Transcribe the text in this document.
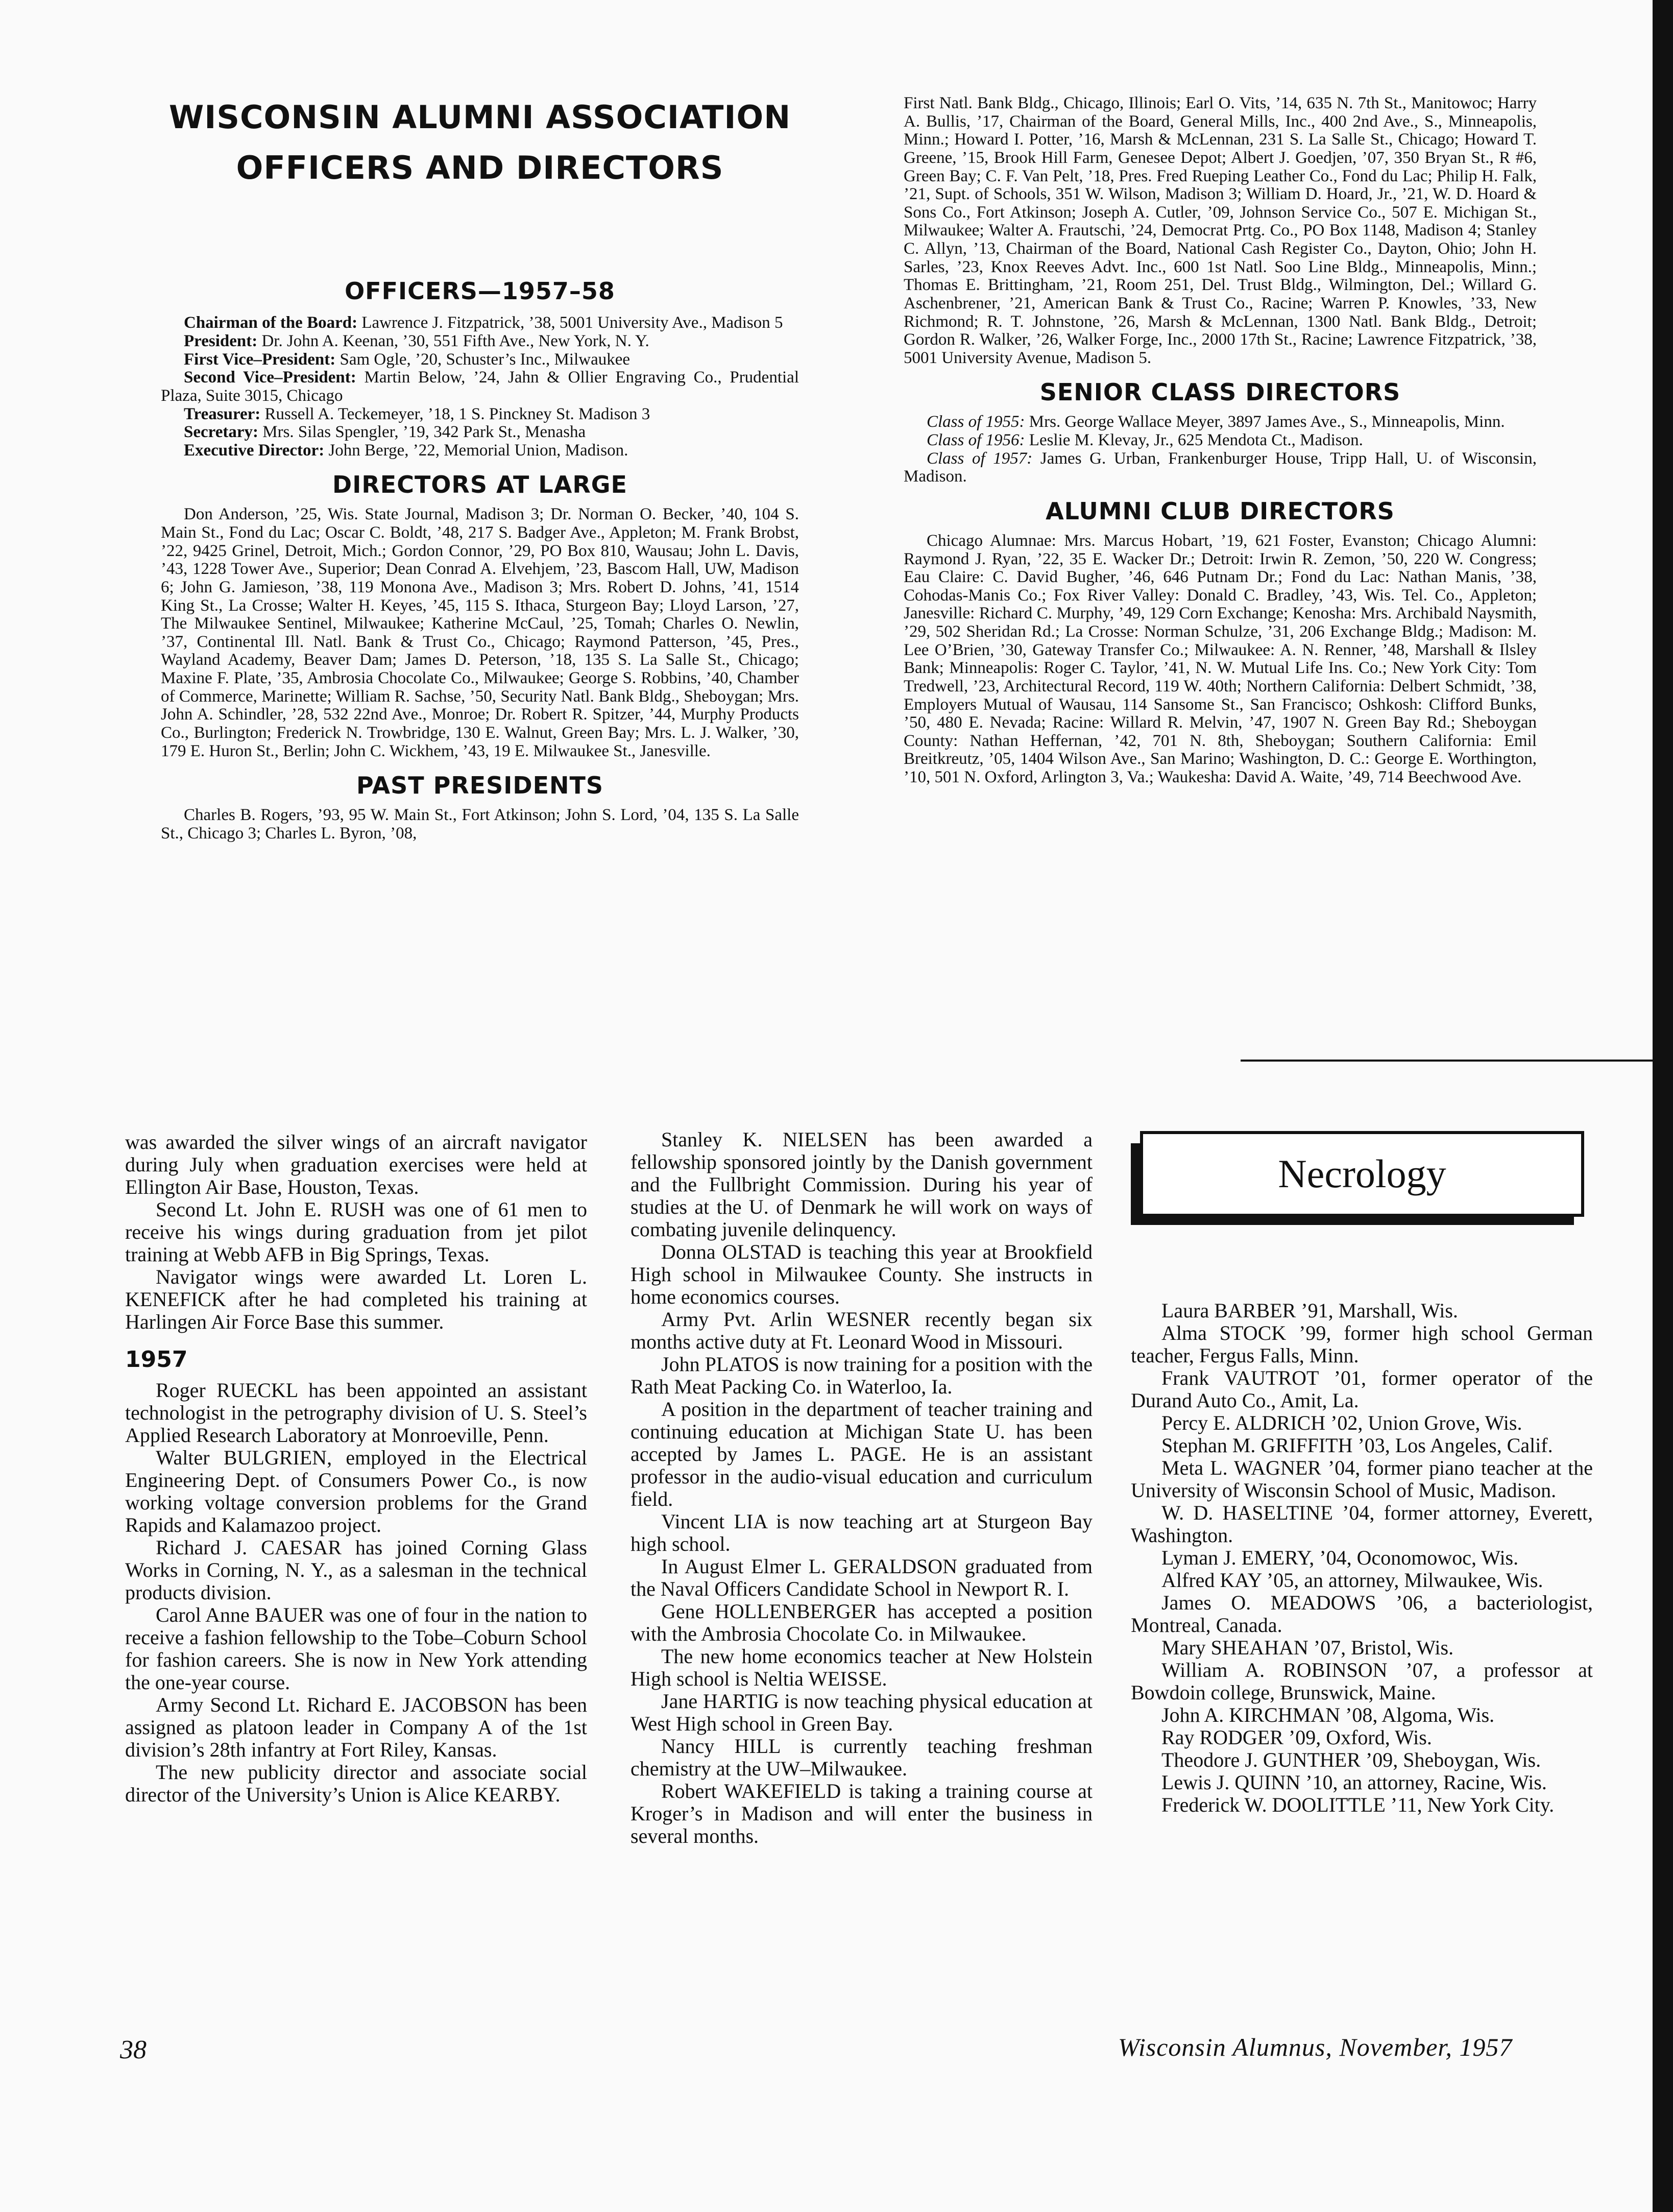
WISCONSIN ALUMNI ASSOCIATION
OFFICERS AND DIRECTORS
OFFICERS—1957–58

Chairman of the Board: Lawrence J. Fitzpatrick, ’38, 5001 University Ave., Madison 5

President: Dr. John A. Keenan, ’30, 551 Fifth Ave., New York, N. Y.

First Vice–President: Sam Ogle, ’20, Schuster’s Inc., Milwaukee

Second Vice–President: Martin Below, ’24, Jahn & Ollier Engraving Co., Prudential Plaza, Suite 3015, Chicago

Treasurer: Russell A. Teckemeyer, ’18, 1 S. Pinckney St. Madison 3

Secretary: Mrs. Silas Spengler, ’19, 342 Park St., Menasha

Executive Director: John Berge, ’22, Memorial Union, Madison.

DIRECTORS AT LARGE

Don Anderson, ’25, Wis. State Journal, Madison 3; Dr. Norman O. Becker, ’40, 104 S. Main St., Fond du Lac; Oscar C. Boldt, ’48, 217 S. Badger Ave., Appleton; M. Frank Brobst, ’22, 9425 Grinel, Detroit, Mich.; Gordon Connor, ’29, PO Box 810, Wausau; John L. Davis, ’43, 1228 Tower Ave., Superior; Dean Conrad A. Elvehjem, ’23, Bascom Hall, UW, Madison 6; John G. Jamieson, ’38, 119 Monona Ave., Madison 3; Mrs. Robert D. Johns, ’41, 1514 King St., La Crosse; Walter H. Keyes, ’45, 115 S. Ithaca, Sturgeon Bay; Lloyd Larson, ’27, The Milwaukee Sentinel, Milwaukee; Katherine McCaul, ’25, Tomah; Charles O. Newlin, ’37, Continental Ill. Natl. Bank & Trust Co., Chicago; Raymond Patterson, ’45, Pres., Wayland Academy, Beaver Dam; James D. Peterson, ’18, 135 S. La Salle St., Chicago; Maxine F. Plate, ’35, Ambrosia Chocolate Co., Milwaukee; George S. Robbins, ’40, Chamber of Commerce, Marinette; William R. Sachse, ’50, Security Natl. Bank Bldg., Sheboygan; Mrs. John A. Schindler, ’28, 532 22nd Ave., Monroe; Dr. Robert R. Spitzer, ’44, Murphy Products Co., Burlington; Frederick N. Trowbridge, 130 E. Walnut, Green Bay; Mrs. L. J. Walker, ’30, 179 E. Huron St., Berlin; John C. Wickhem, ’43, 19 E. Milwaukee St., Janesville.

PAST PRESIDENTS

Charles B. Rogers, ’93, 95 W. Main St., Fort Atkinson; John S. Lord, ’04, 135 S. La Salle St., Chicago 3; Charles L. Byron, ’08,

First Natl. Bank Bldg., Chicago, Illinois; Earl O. Vits, ’14, 635 N. 7th St., Manitowoc; Harry A. Bullis, ’17, Chairman of the Board, General Mills, Inc., 400 2nd Ave., S., Minneapolis, Minn.; Howard I. Potter, ’16, Marsh & McLennan, 231 S. La Salle St., Chicago; Howard T. Greene, ’15, Brook Hill Farm, Genesee Depot; Albert J. Goedjen, ’07, 350 Bryan St., R #6, Green Bay; C. F. Van Pelt, ’18, Pres. Fred Rueping Leather Co., Fond du Lac; Philip H. Falk, ’21, Supt. of Schools, 351 W. Wilson, Madison 3; William D. Hoard, Jr., ’21, W. D. Hoard & Sons Co., Fort Atkinson; Joseph A. Cutler, ’09, Johnson Service Co., 507 E. Michigan St., Milwaukee; Walter A. Frautschi, ’24, Democrat Prtg. Co., PO Box 1148, Madison 4; Stanley C. Allyn, ’13, Chairman of the Board, National Cash Register Co., Dayton, Ohio; John H. Sarles, ’23, Knox Reeves Advt. Inc., 600 1st Natl. Soo Line Bldg., Minneapolis, Minn.; Thomas E. Brittingham, ’21, Room 251, Del. Trust Bldg., Wilmington, Del.; Willard G. Aschenbrener, ’21, American Bank & Trust Co., Racine; Warren P. Knowles, ’33, New Richmond; R. T. Johnstone, ’26, Marsh & McLennan, 1300 Natl. Bank Bldg., Detroit; Gordon R. Walker, ’26, Walker Forge, Inc., 2000 17th St., Racine; Lawrence Fitzpatrick, ’38, 5001 University Avenue, Madison 5.

SENIOR CLASS DIRECTORS

Class of 1955: Mrs. George Wallace Meyer, 3897 James Ave., S., Minneapolis, Minn.

Class of 1956: Leslie M. Klevay, Jr., 625 Mendota Ct., Madison.

Class of 1957: James G. Urban, Frankenburger House, Tripp Hall, U. of Wisconsin, Madison.

ALUMNI CLUB DIRECTORS

Chicago Alumnae: Mrs. Marcus Hobart, ’19, 621 Foster, Evanston; Chicago Alumni: Raymond J. Ryan, ’22, 35 E. Wacker Dr.; Detroit: Irwin R. Zemon, ’50, 220 W. Congress; Eau Claire: C. David Bugher, ’46, 646 Putnam Dr.; Fond du Lac: Nathan Manis, ’38, Cohodas-Manis Co.; Fox River Valley: Donald C. Bradley, ’43, Wis. Tel. Co., Appleton; Janesville: Richard C. Murphy, ’49, 129 Corn Exchange; Kenosha: Mrs. Archibald Naysmith, ’29, 502 Sheridan Rd.; La Crosse: Norman Schulze, ’31, 206 Exchange Bldg.; Madison: M. Lee O’Brien, ’30, Gateway Transfer Co.; Milwaukee: A. N. Renner, ’48, Marshall & Ilsley Bank; Minneapolis: Roger C. Taylor, ’41, N. W. Mutual Life Ins. Co.; New York City: Tom Tredwell, ’23, Architectural Record, 119 W. 40th; Northern California: Delbert Schmidt, ’38, Employers Mutual of Wausau, 114 Sansome St., San Francisco; Oshkosh: Clifford Bunks, ’50, 480 E. Nevada; Racine: Willard R. Melvin, ’47, 1907 N. Green Bay Rd.; Sheboygan County: Nathan Heffernan, ’42, 701 N. 8th, Sheboygan; Southern California: Emil Breitkreutz, ’05, 1404 Wilson Ave., San Marino; Washington, D. C.: George E. Worthington, ’10, 501 N. Oxford, Arlington 3, Va.; Waukesha: David A. Waite, ’49, 714 Beechwood Ave.

was awarded the silver wings of an aircraft navigator during July when graduation exercises were held at Ellington Air Base, Houston, Texas.

Second Lt. John E. RUSH was one of 61 men to receive his wings during graduation from jet pilot training at Webb AFB in Big Springs, Texas.

Navigator wings were awarded Lt. Loren L. KENEFICK after he had completed his training at Harlingen Air Force Base this summer.

1957

Roger RUECKL has been appointed an assistant technologist in the petrography division of U. S. Steel’s Applied Research Laboratory at Monroeville, Penn.

Walter BULGRIEN, employed in the Electrical Engineering Dept. of Consumers Power Co., is now working voltage conversion problems for the Grand Rapids and Kalamazoo project.

Richard J. CAESAR has joined Corning Glass Works in Corning, N. Y., as a salesman in the technical products division.

Carol Anne BAUER was one of four in the nation to receive a fashion fellowship to the Tobe–Coburn School for fashion careers. She is now in New York attending the one-year course.

Army Second Lt. Richard E. JACOBSON has been assigned as platoon leader in Company A of the 1st division’s 28th infantry at Fort Riley, Kansas.

The new publicity director and associate social director of the University’s Union is Alice KEARBY.

Stanley K. NIELSEN has been awarded a fellowship sponsored jointly by the Danish government and the Fullbright Commission. During his year of studies at the U. of Denmark he will work on ways of combating juvenile delinquency.

Donna OLSTAD is teaching this year at Brookfield High school in Milwaukee County. She instructs in home economics courses.

Army Pvt. Arlin WESNER recently began six months active duty at Ft. Leonard Wood in Missouri.

John PLATOS is now training for a position with the Rath Meat Packing Co. in Waterloo, Ia.

A position in the department of teacher training and continuing education at Michigan State U. has been accepted by James L. PAGE. He is an assistant professor in the audio-visual education and curriculum field.

Vincent LIA is now teaching art at Sturgeon Bay high school.

In August Elmer L. GERALDSON graduated from the Naval Officers Candidate School in Newport R. I.

Gene HOLLENBERGER has accepted a position with the Ambrosia Chocolate Co. in Milwaukee.

The new home economics teacher at New Holstein High school is Neltia WEISSE.

Jane HARTIG is now teaching physical education at West High school in Green Bay.

Nancy HILL is currently teaching freshman chemistry at the UW–Milwaukee.

Robert WAKEFIELD is taking a training course at Kroger’s in Madison and will enter the business in several months.

Necrology

Laura BARBER ’91, Marshall, Wis.

Alma STOCK ’99, former high school German teacher, Fergus Falls, Minn.

Frank VAUTROT ’01, former operator of the Durand Auto Co., Amit, La.

Percy E. ALDRICH ’02, Union Grove, Wis.

Stephan M. GRIFFITH ’03, Los Angeles, Calif.

Meta L. WAGNER ’04, former piano teacher at the University of Wisconsin School of Music, Madison.

W. D. HASELTINE ’04, former attorney, Everett, Washington.

Lyman J. EMERY, ’04, Oconomowoc, Wis.

Alfred KAY ’05, an attorney, Milwaukee, Wis.

James O. MEADOWS ’06, a bacteriologist, Montreal, Canada.

Mary SHEAHAN ’07, Bristol, Wis.

William A. ROBINSON ’07, a professor at Bowdoin college, Brunswick, Maine.

John A. KIRCHMAN ’08, Algoma, Wis.

Ray RODGER ’09, Oxford, Wis.

Theodore J. GUNTHER ’09, Sheboygan, Wis.

Lewis J. QUINN ’10, an attorney, Racine, Wis.

Frederick W. DOOLITTLE ’11, New York City.

38	Wisconsin Alumnus, November, 1957
